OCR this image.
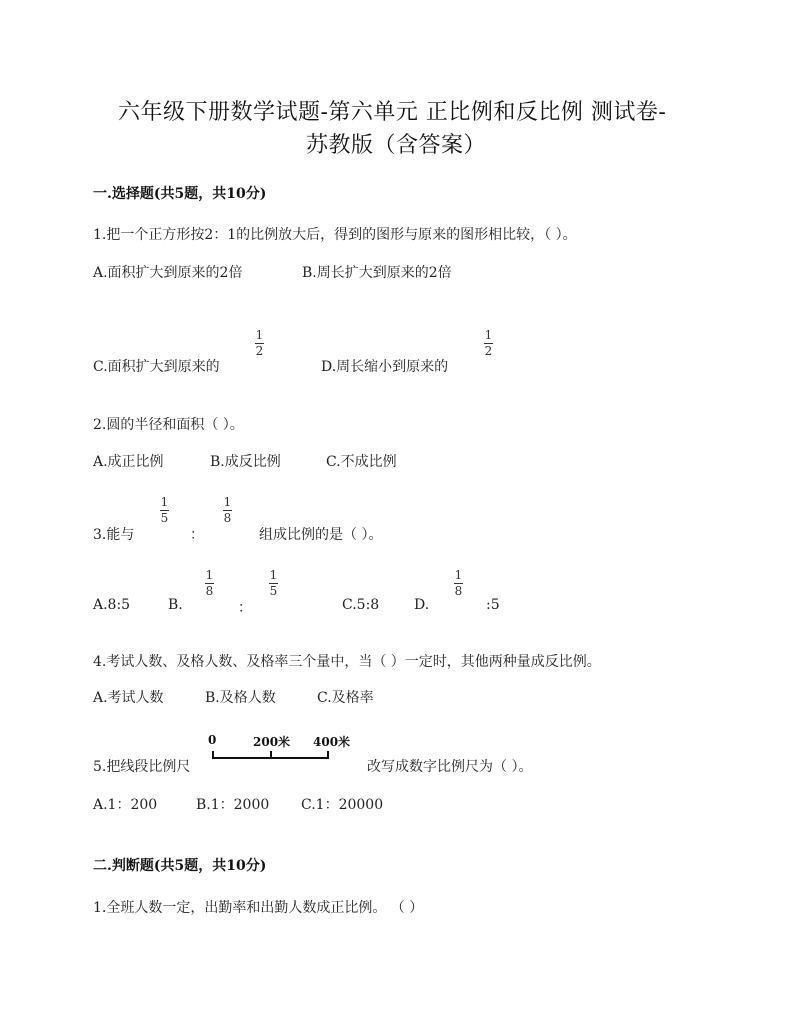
六年级下册数学试题-第六单元 正比例和反比例 测试卷-
苏教版（含答案）
一.选择题(共5题，共10分)
1.把一个正方形按2：1的比例放大后，得到的图形与原来的图形相比较，（ ）。
A.面积扩大到原来的2倍	B.周长扩大到原来的2倍
C.面积扩大到原来的
1
2
D.周长缩小到原来的
1
2
2.圆的半径和面积（ ）。
A.成正比例	B.成反比例	C.不成比例
3.能与
1
5
：
1
8
组成比例的是（ ）。
A.8:5	B.
1
8
：
1
5
C.5:8 D.
1
8
:5
4.考试人数、及格人数、及格率三个量中，当（ ）一定时，其他两种量成反比例。
A.考试人数	B.及格人数	C.及格率
5.把线段比例尺
0	200米 400米
改写成数字比例尺为（ ）。
A.1：200	B.1：2000 C.1：20000
二.判断题(共5题，共10分)
1.全班人数一定，出勤率和出勤人数成正比例。 （ ）
